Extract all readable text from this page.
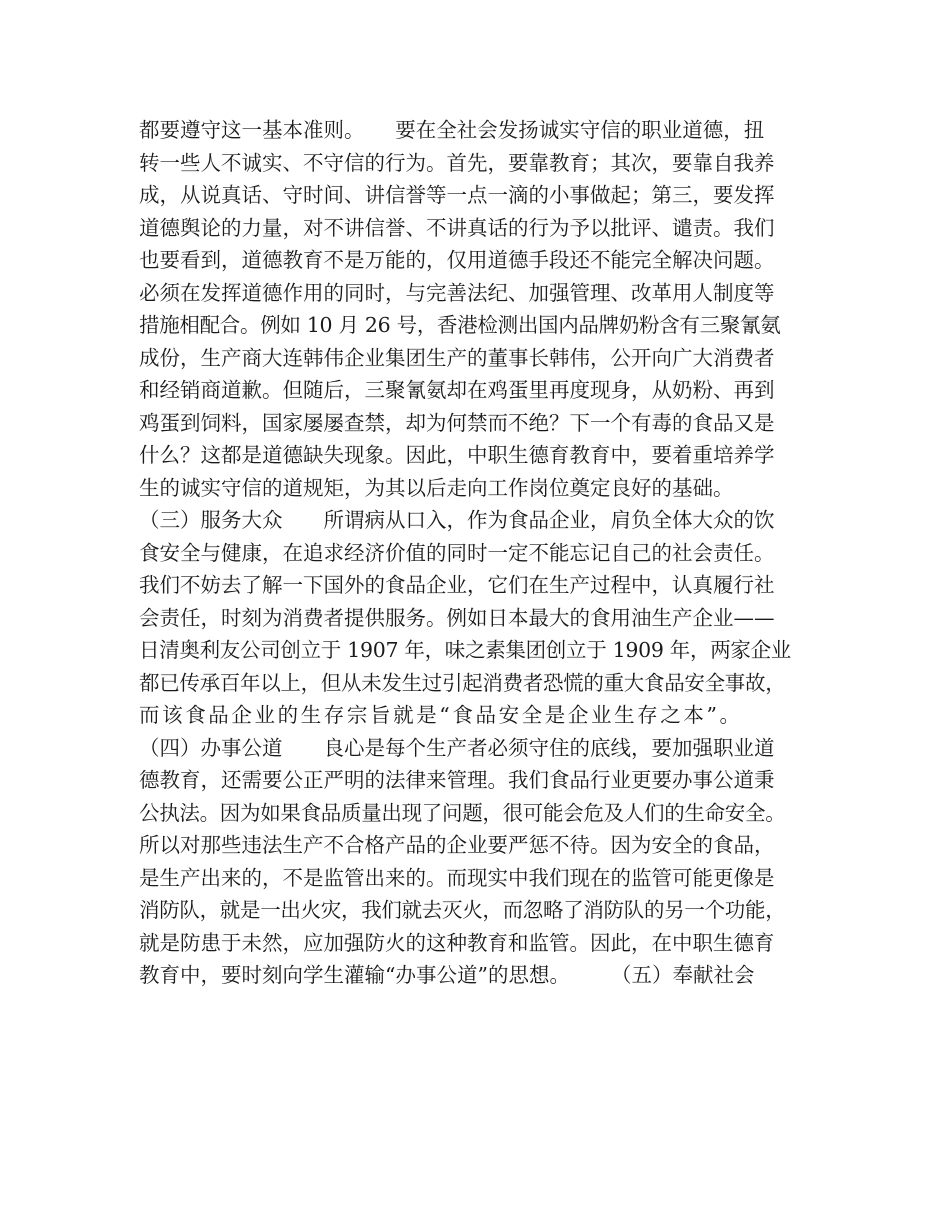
都要遵守这一基本准则。　　要在全社会发扬诚实守信的职业道德，扭
转一些人不诚实、不守信的行为。首先，要靠教育；其次，要靠自我养
成，从说真话、守时间、讲信誉等一点一滴的小事做起；第三，要发挥
道德舆论的力量，对不讲信誉、不讲真话的行为予以批评、谴责。我们
也要看到，道德教育不是万能的，仅用道德手段还不能完全解决问题。
必须在发挥道德作用的同时，与完善法纪、加强管理、改革用人制度等
措施相配合。例如 10 月 26 号，香港检测出国内品牌奶粉含有三聚氰氨
成份，生产商大连韩伟企业集团生产的董事长韩伟，公开向广大消费者
和经销商道歉。但随后，三聚氰氨却在鸡蛋里再度现身，从奶粉、再到
鸡蛋到饲料，国家屡屡查禁，却为何禁而不绝？下一个有毒的食品又是
什么？这都是道德缺失现象。因此，中职生德育教育中，要着重培养学
生的诚实守信的道规矩，为其以后走向工作岗位奠定良好的基础。
（三）服务大众　　所谓病从口入，作为食品企业，肩负全体大众的饮
食安全与健康，在追求经济价值的同时一定不能忘记自己的社会责任。
我们不妨去了解一下国外的食品企业，它们在生产过程中，认真履行社
会责任，时刻为消费者提供服务。例如日本最大的食用油生产企业——
日清奥利友公司创立于 1907 年，味之素集团创立于 1909 年，两家企业
都已传承百年以上，但从未发生过引起消费者恐慌的重大食品安全事故，
而该食品企业的生存宗旨就是“食品安全是企业生存之本”。
（四）办事公道　　良心是每个生产者必须守住的底线，要加强职业道
德教育，还需要公正严明的法律来管理。我们食品行业更要办事公道秉
公执法。因为如果食品质量出现了问题，很可能会危及人们的生命安全。
所以对那些违法生产不合格产品的企业要严惩不待。因为安全的食品，
是生产出来的，不是监管出来的。而现实中我们现在的监管可能更像是
消防队，就是一出火灾，我们就去灭火，而忽略了消防队的另一个功能，
就是防患于未然，应加强防火的这种教育和监管。因此，在中职生德育
教育中，要时刻向学生灌输“办事公道”的思想。　　　（五）奉献社会
